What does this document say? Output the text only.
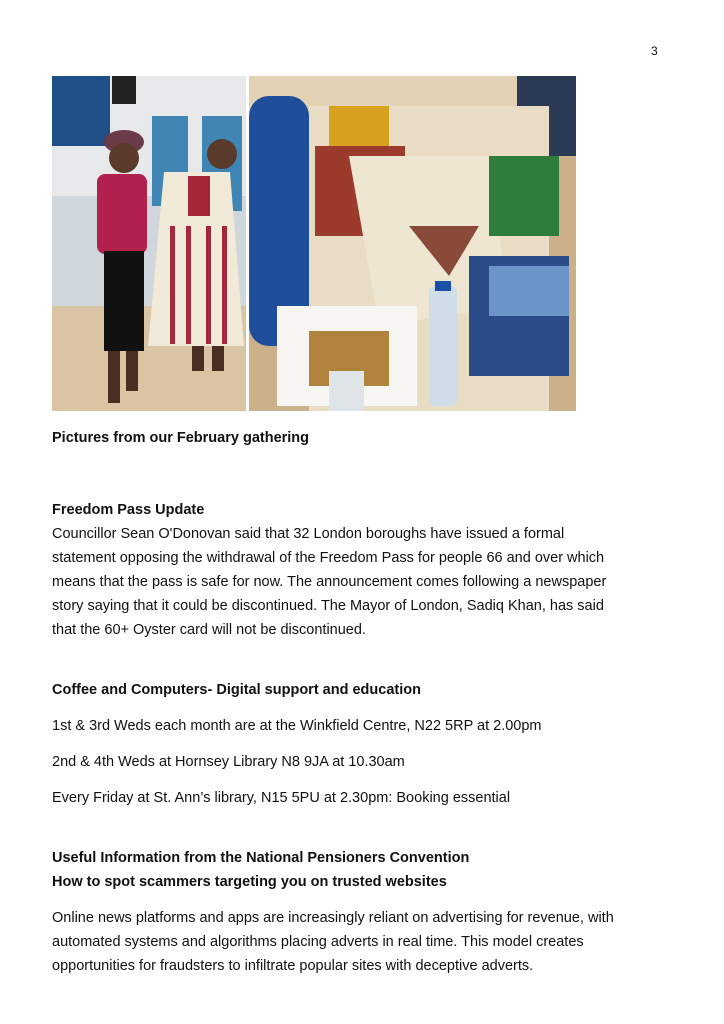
3
Pictures from our February gathering

Freedom Pass Update

Councillor Sean O'Donovan said that 32 London boroughs have issued a formal

statement opposing the withdrawal of the Freedom Pass for people 66 and over which

means that the pass is safe for now. The announcement comes following a newspaper

story saying that it could be discontinued. The Mayor of London, Sadiq Khan, has said

that the 60+ Oyster card will not be discontinued.

Coffee and Computers- Digital support and education
1st & 3rd Weds each month are at the Winkfield Centre, N22 5RP at 2.00pm
2nd & 4th Weds at Hornsey Library N8 9JA at 10.30am
Every Friday at St. Ann’s library, N15 5PU at 2.30pm: Booking essential

Useful Information from the National Pensioners Convention

How to spot scammers targeting you on trusted websites

Online news platforms and apps are increasingly reliant on advertising for revenue, with

automated systems and algorithms placing adverts in real time. This model creates

opportunities for fraudsters to infiltrate popular sites with deceptive adverts.
